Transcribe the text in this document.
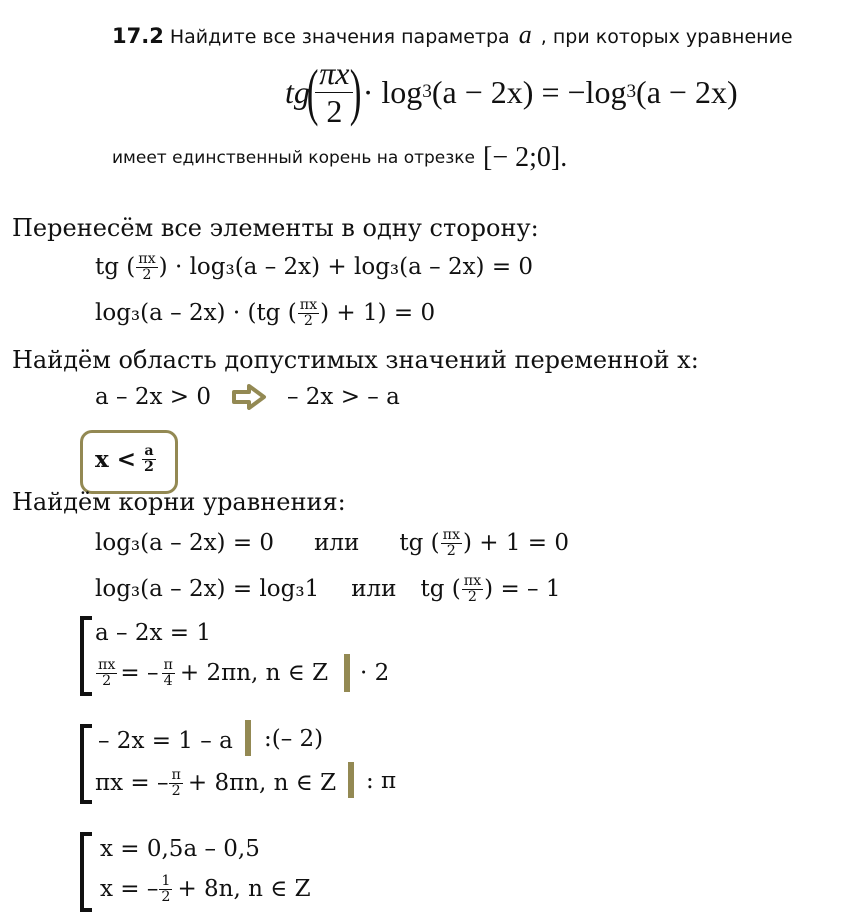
17.2 Найдите все значения параметра a , при которых уравнение
tg
(
$\frac{\pi x}{2}$
) · log 3 (a − 2x) = −log 3 (a − 2x)
имеет единственный корень на отрезке [− 2;0].
Перенесём все элементы в одну сторону:
tg ( $\frac{\pi x}{2}$ ) · log₃(a – 2x) + log₃(a – 2x) = 0
log₃(a – 2x) · (tg ( $\frac{\pi x}{2}$ ) + 1) = 0
Найдём область допустимых значений переменной x:
a – 2x > 0	– 2x > – a
$x < \frac{a}{2}$
Найдём корни уравнения:
log₃(a – 2x) = 0 или tg ( $\frac{\pi x}{2}$ ) + 1 = 0
log₃(a – 2x) = log₃1 или tg ( $\frac{\pi x}{2}$ ) = – 1
a – 2x = 1
$\frac{\pi x}{2}$ = – $\frac{\pi}{4} + 2\pi n$, n ∈ Z · 2
– 2x = 1 – a :(– 2)
πx = – $\frac{\pi}{2} + 8\pi n$, n ∈ Z : π
x = 0,5a – 0,5
x = – $\frac{1}{2} + 8n$, n ∈ Z
